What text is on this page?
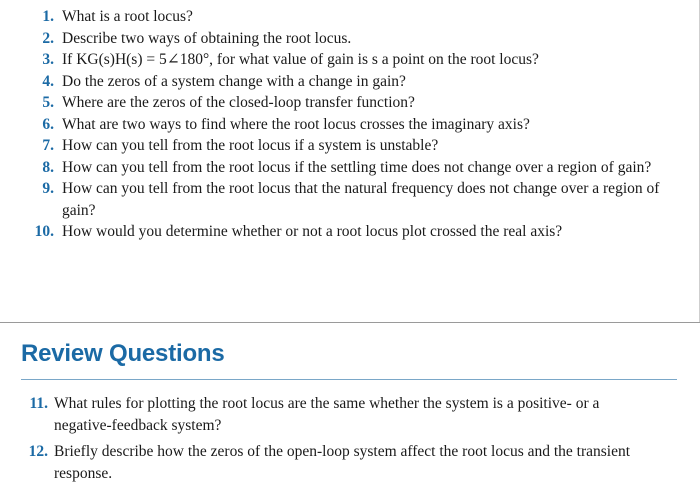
1. What is a root locus?
2. Describe two ways of obtaining the root locus.
3. If KG(s)H(s) = 5∠180°, for what value of gain is s a point on the root locus?
4. Do the zeros of a system change with a change in gain?
5. Where are the zeros of the closed-loop transfer function?
6. What are two ways to find where the root locus crosses the imaginary axis?
7. How can you tell from the root locus if a system is unstable?
8. How can you tell from the root locus if the settling time does not change over a region of gain?
9. How can you tell from the root locus that the natural frequency does not change over a region of gain?
10. How would you determine whether or not a root locus plot crossed the real axis?
Review Questions
11. What rules for plotting the root locus are the same whether the system is a positive- or a negative-feedback system?
12. Briefly describe how the zeros of the open-loop system affect the root locus and the transient response.
